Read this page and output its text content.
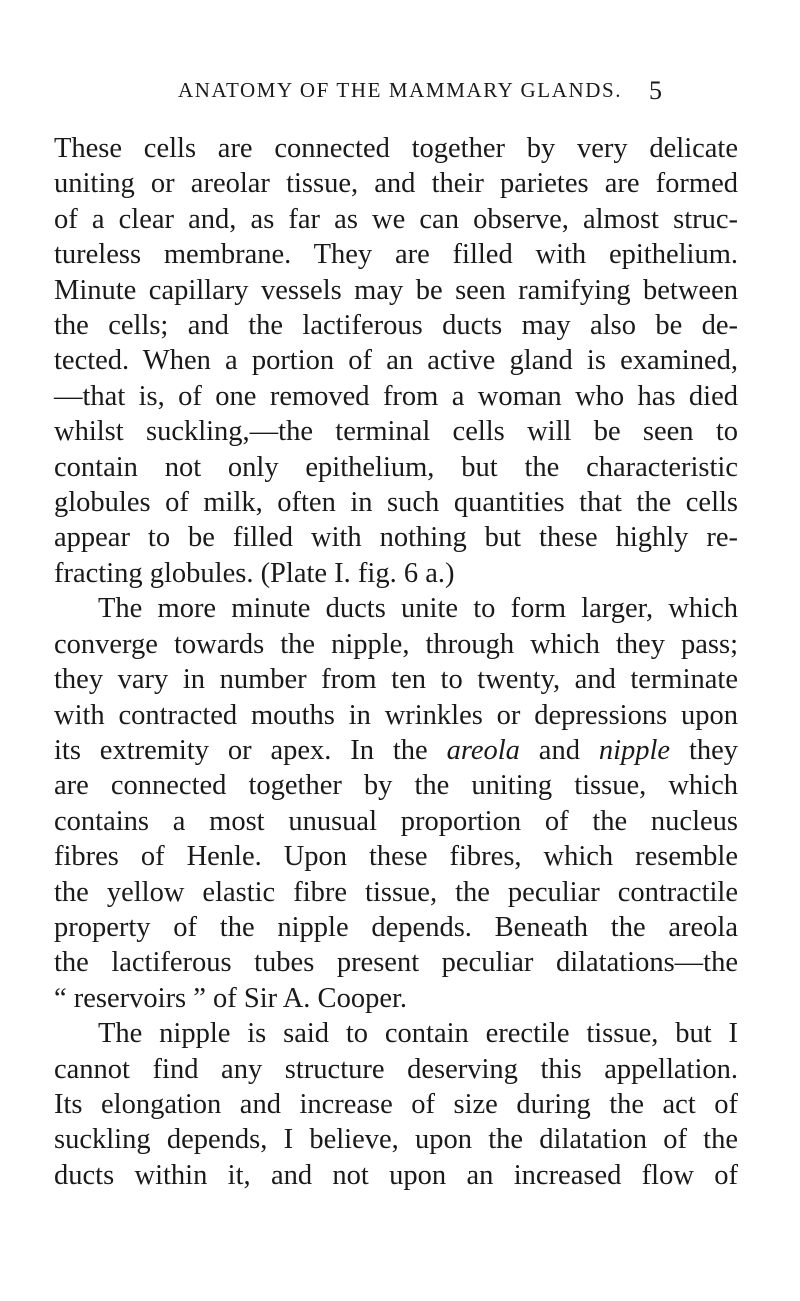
ANATOMY OF THE MAMMARY GLANDS. 5

These cells are connected together by very delicate
uniting or areolar tissue, and their parietes are formed
of a clear and, as far as we can observe, almost struc-
tureless membrane. They are filled with epithelium.
Minute capillary vessels may be seen ramifying between
the cells; and the lactiferous ducts may also be de-
tected. When a portion of an active gland is examined,
—that is, of one removed from a woman who has died
whilst suckling,—the terminal cells will be seen to
contain not only epithelium, but the characteristic
globules of milk, often in such quantities that the cells
appear to be filled with nothing but these highly re-
fracting globules. (Plate I. fig. 6 a.)

The more minute ducts unite to form larger, which
converge towards the nipple, through which they pass;
they vary in number from ten to twenty, and terminate
with contracted mouths in wrinkles or depressions upon
its extremity or apex. In the areola and nipple they
are connected together by the uniting tissue, which
contains a most unusual proportion of the nucleus
fibres of Henle. Upon these fibres, which resemble
the yellow elastic fibre tissue, the peculiar contractile
property of the nipple depends. Beneath the areola
the lactiferous tubes present peculiar dilatations—the
“ reservoirs ” of Sir A. Cooper.

The nipple is said to contain erectile tissue, but I
cannot find any structure deserving this appellation.
Its elongation and increase of size during the act of
suckling depends, I believe, upon the dilatation of the
ducts within it, and not upon an increased flow of
